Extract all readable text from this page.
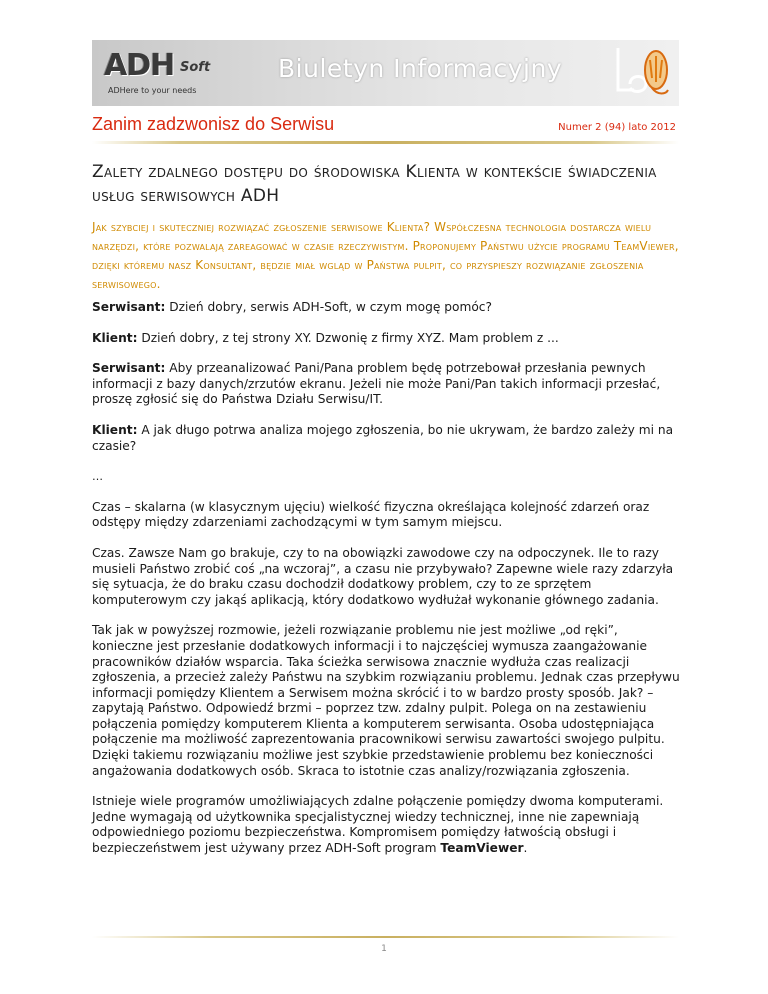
ADH Soft
ADHere to your needs
Biuletyn Informacyjny
Zanim zadzwonisz do Serwisu	Numer 2 (94) lato 2012
Zalety zdalnego dostępu do środowiska Klienta w kontekście świadczenia usług serwisowych ADH

Jak szybciej i skuteczniej rozwiązać zgłoszenie serwisowe Klienta? Współczesna technologia dostarcza wielu narzędzi, które pozwalają zareagować w czasie rzeczywistym. Proponujemy Państwu użycie programu TeamViewer, dzięki któremu nasz Konsultant, będzie miał wgląd w Państwa pulpit, co przyspieszy rozwiązanie zgłoszenia serwisowego.

Serwisant: Dzień dobry, serwis ADH-Soft, w czym mogę pomóc?

Klient: Dzień dobry, z tej strony XY. Dzwonię z firmy XYZ. Mam problem z ...

Serwisant: Aby przeanalizować Pani/Pana problem będę potrzebował przesłania pewnych informacji z bazy danych/zrzutów ekranu. Jeżeli nie może Pani/Pan takich informacji przesłać, proszę zgłosić się do Państwa Działu Serwisu/IT.

Klient: A jak długo potrwa analiza mojego zgłoszenia, bo nie ukrywam, że bardzo zależy mi na czasie?

…

Czas – skalarna (w klasycznym ujęciu) wielkość fizyczna określająca kolejność zdarzeń oraz odstępy między zdarzeniami zachodzącymi w tym samym miejscu.

Czas. Zawsze Nam go brakuje, czy to na obowiązki zawodowe czy na odpoczynek. Ile to razy musieli Państwo zrobić coś „na wczoraj”, a czasu nie przybywało? Zapewne wiele razy zdarzyła się sytuacja, że do braku czasu dochodził dodatkowy problem, czy to ze sprzętem komputerowym czy jakąś aplikacją, który dodatkowo wydłużał wykonanie głównego zadania.

Tak jak w powyższej rozmowie, jeżeli rozwiązanie problemu nie jest możliwe „od ręki”, konieczne jest przesłanie dodatkowych informacji i to najczęściej wymusza zaangażowanie pracowników działów wsparcia. Taka ścieżka serwisowa znacznie wydłuża czas realizacji zgłoszenia, a przecież zależy Państwu na szybkim rozwiązaniu problemu. Jednak czas przepływu informacji pomiędzy Klientem a Serwisem można skrócić i to w bardzo prosty sposób. Jak? – zapytają Państwo. Odpowiedź brzmi – poprzez tzw. zdalny pulpit. Polega on na zestawieniu połączenia pomiędzy komputerem Klienta a komputerem serwisanta. Osoba udostępniająca połączenie ma możliwość zaprezentowania pracownikowi serwisu zawartości swojego pulpitu. Dzięki takiemu rozwiązaniu możliwe jest szybkie przedstawienie problemu bez konieczności angażowania dodatkowych osób. Skraca to istotnie czas analizy/rozwiązania zgłoszenia.

Istnieje wiele programów umożliwiających zdalne połączenie pomiędzy dwoma komputerami. Jedne wymagają od użytkownika specjalistycznej wiedzy technicznej, inne nie zapewniają odpowiedniego poziomu bezpieczeństwa. Kompromisem pomiędzy łatwością obsługi i bezpieczeństwem jest używany przez ADH-Soft program TeamViewer.

1
